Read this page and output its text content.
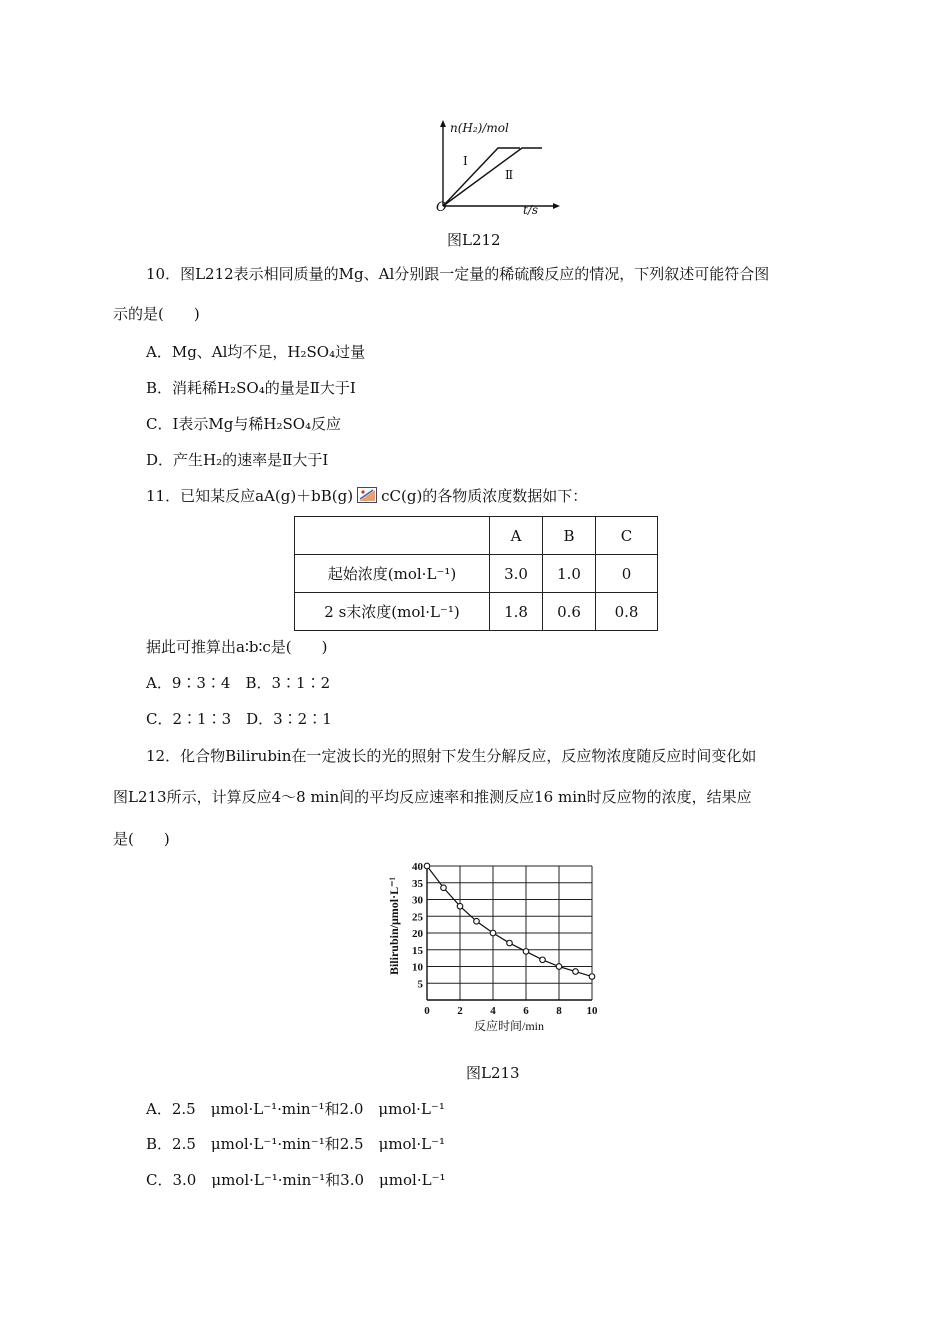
n(H₂)/mol
Ⅰ
Ⅱ
O	t/s
图L212
10．图L212表示相同质量的Mg、Al分别跟一定量的稀硫酸反应的情况，下列叙述可能符合图
示的是(　　)
A．Mg、Al均不足，H₂SO₄过量
B．消耗稀H₂SO₄的量是Ⅱ大于Ⅰ
C．Ⅰ表示Mg与稀H₂SO₄反应
D．产生H₂的速率是Ⅱ大于Ⅰ
11．已知某反应aA(g)＋bB(g) cC(g)的各物质浓度数据如下：
	A	B	C
起始浓度(mol·L⁻¹)	3.0	1.0	0
2 s末浓度(mol·L⁻¹)	1.8	0.6	0.8
据此可推算出a∶b∶c是(　　)
A．9∶3∶4　B．3∶1∶2
C．2∶1∶3　D．3∶2∶1
12．化合物Bilirubin在一定波长的光的照射下发生分解反应，反应物浓度随反应时间变化如
图L213所示，计算反应4～8 min间的平均反应速率和推测反应16 min时反应物的浓度，结果应
是(　　)
0	2	4	6	8 10
5
10
15
20
25
30
35
40
Bilirubin/μmol·L⁻¹
反应时间/min
图L213
A．2.5　μmol·L⁻¹·min⁻¹和2.0　μmol·L⁻¹
B．2.5　μmol·L⁻¹·min⁻¹和2.5　μmol·L⁻¹
C．3.0　μmol·L⁻¹·min⁻¹和3.0　μmol·L⁻¹
